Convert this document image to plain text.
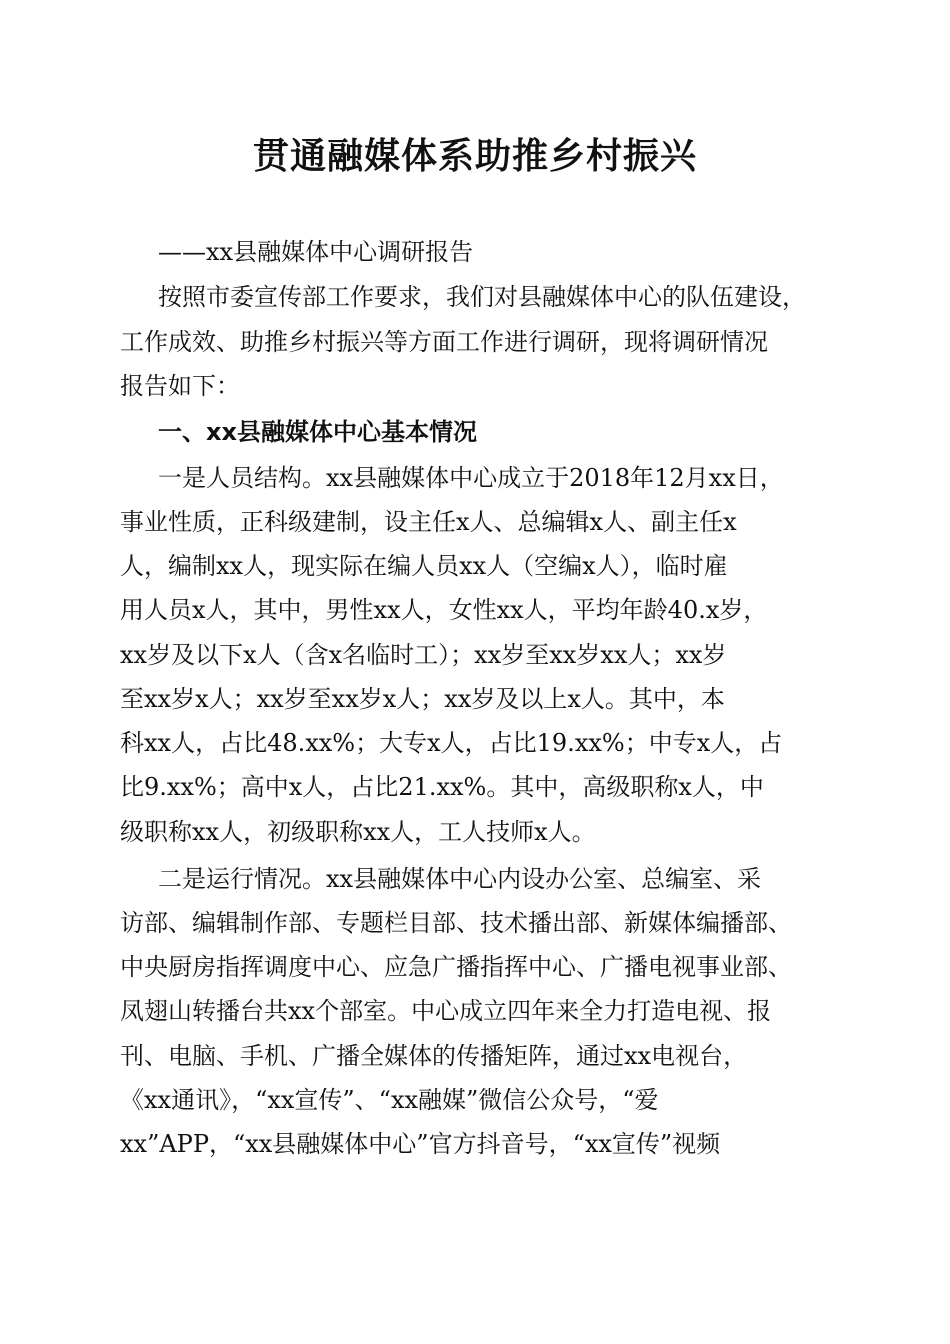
贯通融媒体系助推乡村振兴
——xx县融媒体中心调研报告
按照市委宣传部工作要求，我们对县融媒体中心的队伍建设，
工作成效、助推乡村振兴等方面工作进行调研，现将调研情况
报告如下：
一、xx县融媒体中心基本情况
一是人员结构。xx县融媒体中心成立于2018年12月xx日，
事业性质，正科级建制，设主任x人、总编辑x人、副主任x
人，编制xx人，现实际在编人员xx人（空编x人），临时雇
用人员x人，其中，男性xx人，女性xx人，平均年龄40.x岁，
xx岁及以下x人（含x名临时工）；xx岁至xx岁xx人；xx岁
至xx岁x人；xx岁至xx岁x人；xx岁及以上x人。其中，本
科xx人，占比48.xx%；大专x人，占比19.xx%；中专x人，占
比9.xx%；高中x人，占比21.xx%。其中，高级职称x人，中
级职称xx人，初级职称xx人，工人技师x人。
二是运行情况。xx县融媒体中心内设办公室、总编室、采
访部、编辑制作部、专题栏目部、技术播出部、新媒体编播部、
中央厨房指挥调度中心、应急广播指挥中心、广播电视事业部、
凤翅山转播台共xx个部室。中心成立四年来全力打造电视、报
刊、电脑、手机、广播全媒体的传播矩阵，通过xx电视台，
《xx通讯》，“xx宣传”、“xx融媒”微信公众号，“爱
xx”APP，“xx县融媒体中心”官方抖音号，“xx宣传”视频
